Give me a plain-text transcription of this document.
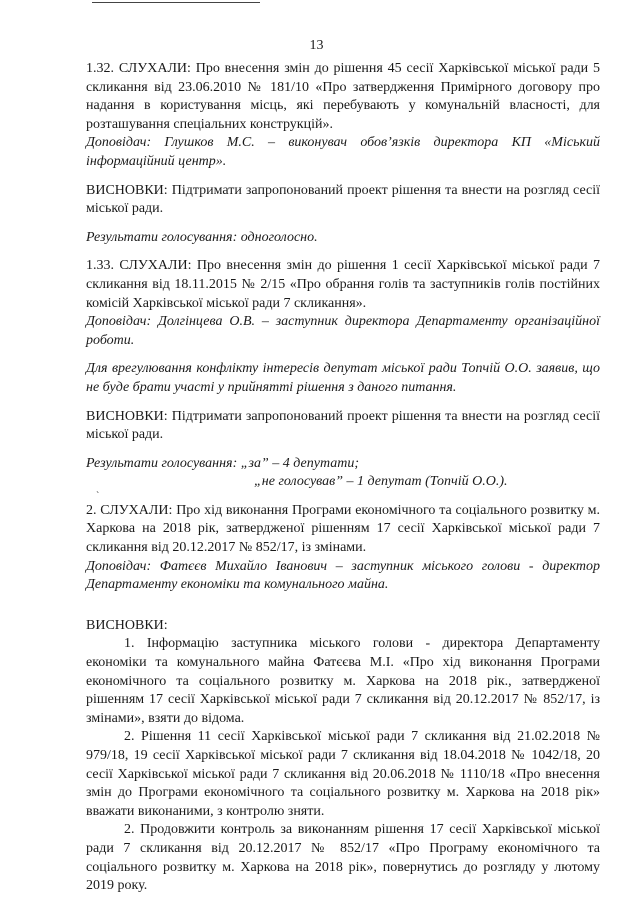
13

1.32. СЛУХАЛИ: Про внесення змін до рішення 45 сесії Харківської міської ради 5 скликання від 23.06.2010 № 181/10 «Про затвердження Примірного договору про надання в користування місць, які перебувають у комунальній власності, для розташування спеціальних конструкцій».

Доповідач: Глушков М.С. – виконувач обов’язків директора КП «Міський інформаційний центр».

ВИСНОВКИ: Підтримати запропонований проект рішення та внести на розгляд сесії міської ради.

Результати голосування: одноголосно.

1.33. СЛУХАЛИ: Про внесення змін до рішення 1 сесії Харківської міської ради 7 скликання від 18.11.2015 № 2/15 «Про обрання голів та заступників голів постійних комісій Харківської міської ради 7 скликання».

Доповідач: Долгінцева О.В. – заступник директора Департаменту організаційної роботи.

Для врегулювання конфлікту інтересів депутат міської ради Топчій О.О. заявив, що не буде брати участі у прийнятті рішення з даного питання.

ВИСНОВКИ: Підтримати запропонований проект рішення та внести на розгляд сесії міської ради.

Результати голосування: „за” – 4 депутати;

„не голосував” – 1 депутат (Топчій О.О.).

`

2. СЛУХАЛИ: Про хід виконання Програми економічного та соціального розвитку м. Харкова на 2018 рік, затвердженої рішенням 17 сесії Харківської міської ради 7 скликання від 20.12.2017 № 852/17, із змінами.

Доповідач: Фатєєв Михайло Іванович – заступник міського голови - директор Департаменту економіки та комунального майна.

ВИСНОВКИ:

1. Інформацію заступника міського голови - директора Департаменту економіки та комунального майна Фатєєва М.І. «Про хід виконання Програми економічного та соціального розвитку м. Харкова на 2018 рік., затвердженої рішенням 17 сесії Харківської міської ради 7 скликання від 20.12.2017 № 852/17, із змінами», взяти до відома.

2. Рішення 11 сесії Харківської міської ради 7 скликання від 21.02.2018 № 979/18, 19 сесії Харківської міської ради 7 скликання від 18.04.2018 № 1042/18, 20 сесії Харківської міської ради 7 скликання від 20.06.2018 № 1110/18 «Про внесення змін до Програми економічного та соціального розвитку м. Харкова на 2018 рік» вважати виконаними, з контролю зняти.

2. Продовжити контроль за виконанням рішення 17 сесії Харківської міської ради 7 скликання від 20.12.2017 № 852/17 «Про Програму економічного та соціального розвитку м. Харкова на 2018 рік», повернутись до розгляду у лютому 2019 року.
